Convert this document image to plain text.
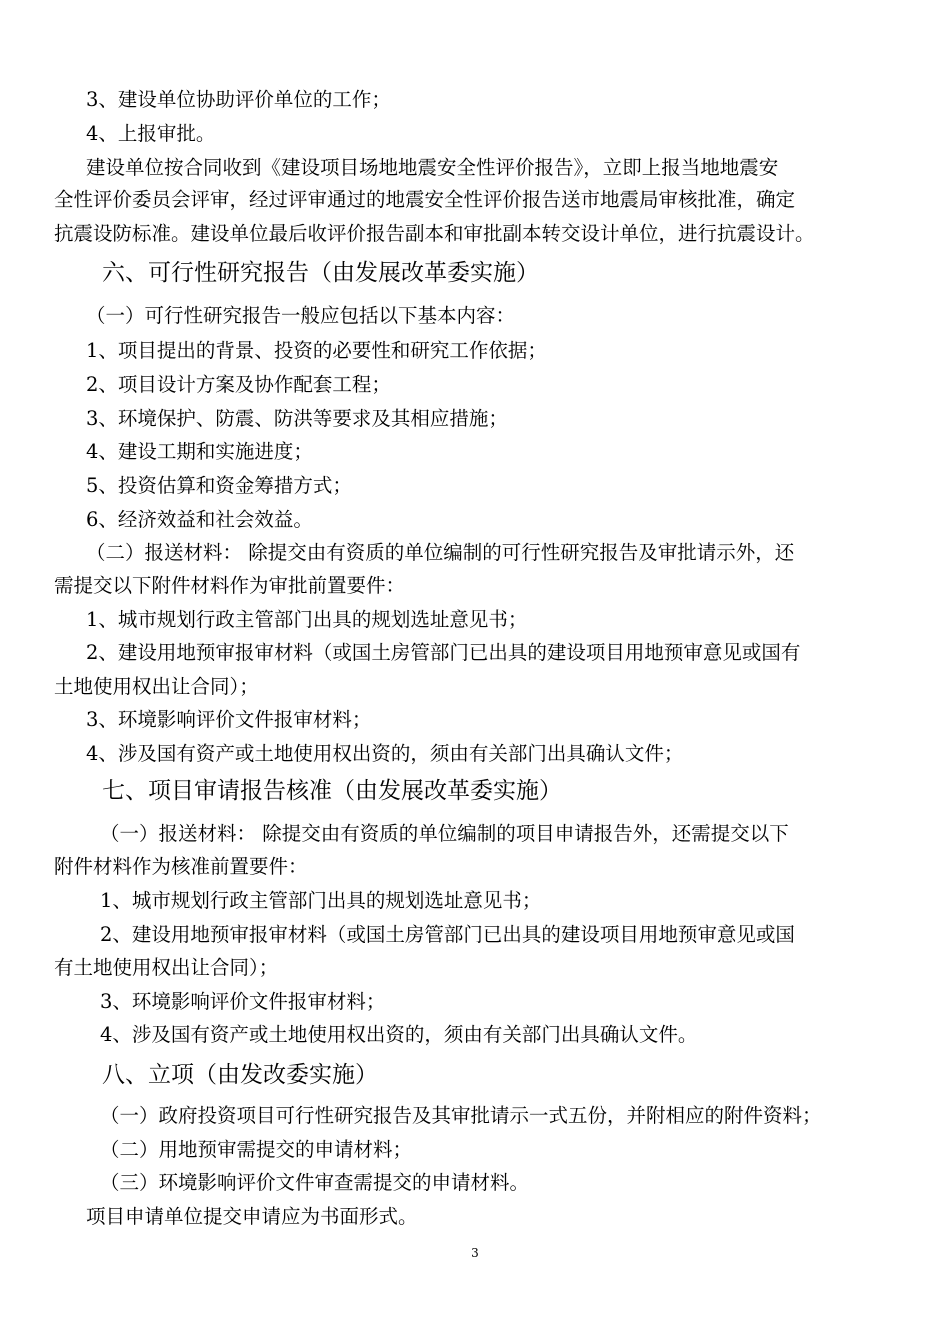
3、建设单位协助评价单位的工作；
4、上报审批。
建设单位按合同收到《建设项目场地地震安全性评价报告》，立即上报当地地震安
全性评价委员会评审，经过评审通过的地震安全性评价报告送市地震局审核批准，确定
抗震设防标准。建设单位最后收评价报告副本和审批副本转交设计单位，进行抗震设计。
六、可行性研究报告（由发展改革委实施）
（一）可行性研究报告一般应包括以下基本内容：
1、项目提出的背景、投资的必要性和研究工作依据；
2、项目设计方案及协作配套工程；
3、环境保护、防震、防洪等要求及其相应措施；
4、建设工期和实施进度；
5、投资估算和资金筹措方式；
6、经济效益和社会效益。
（二）报送材料： 除提交由有资质的单位编制的可行性研究报告及审批请示外，还
需提交以下附件材料作为审批前置要件：
1、城市规划行政主管部门出具的规划选址意见书；
2、建设用地预审报审材料（或国土房管部门已出具的建设项目用地预审意见或国有
土地使用权出让合同）；
3、环境影响评价文件报审材料；
4、涉及国有资产或土地使用权出资的，须由有关部门出具确认文件；
七、项目审请报告核准（由发展改革委实施）
（一）报送材料： 除提交由有资质的单位编制的项目申请报告外，还需提交以下
附件材料作为核准前置要件：
1、城市规划行政主管部门出具的规划选址意见书；
2、建设用地预审报审材料（或国土房管部门已出具的建设项目用地预审意见或国
有土地使用权出让合同）；
3、环境影响评价文件报审材料；
4、涉及国有资产或土地使用权出资的，须由有关部门出具确认文件。
八、立项（由发改委实施）
（一）政府投资项目可行性研究报告及其审批请示一式五份，并附相应的附件资料；
（二）用地预审需提交的申请材料；
（三）环境影响评价文件审查需提交的申请材料。
项目申请单位提交申请应为书面形式。
3
